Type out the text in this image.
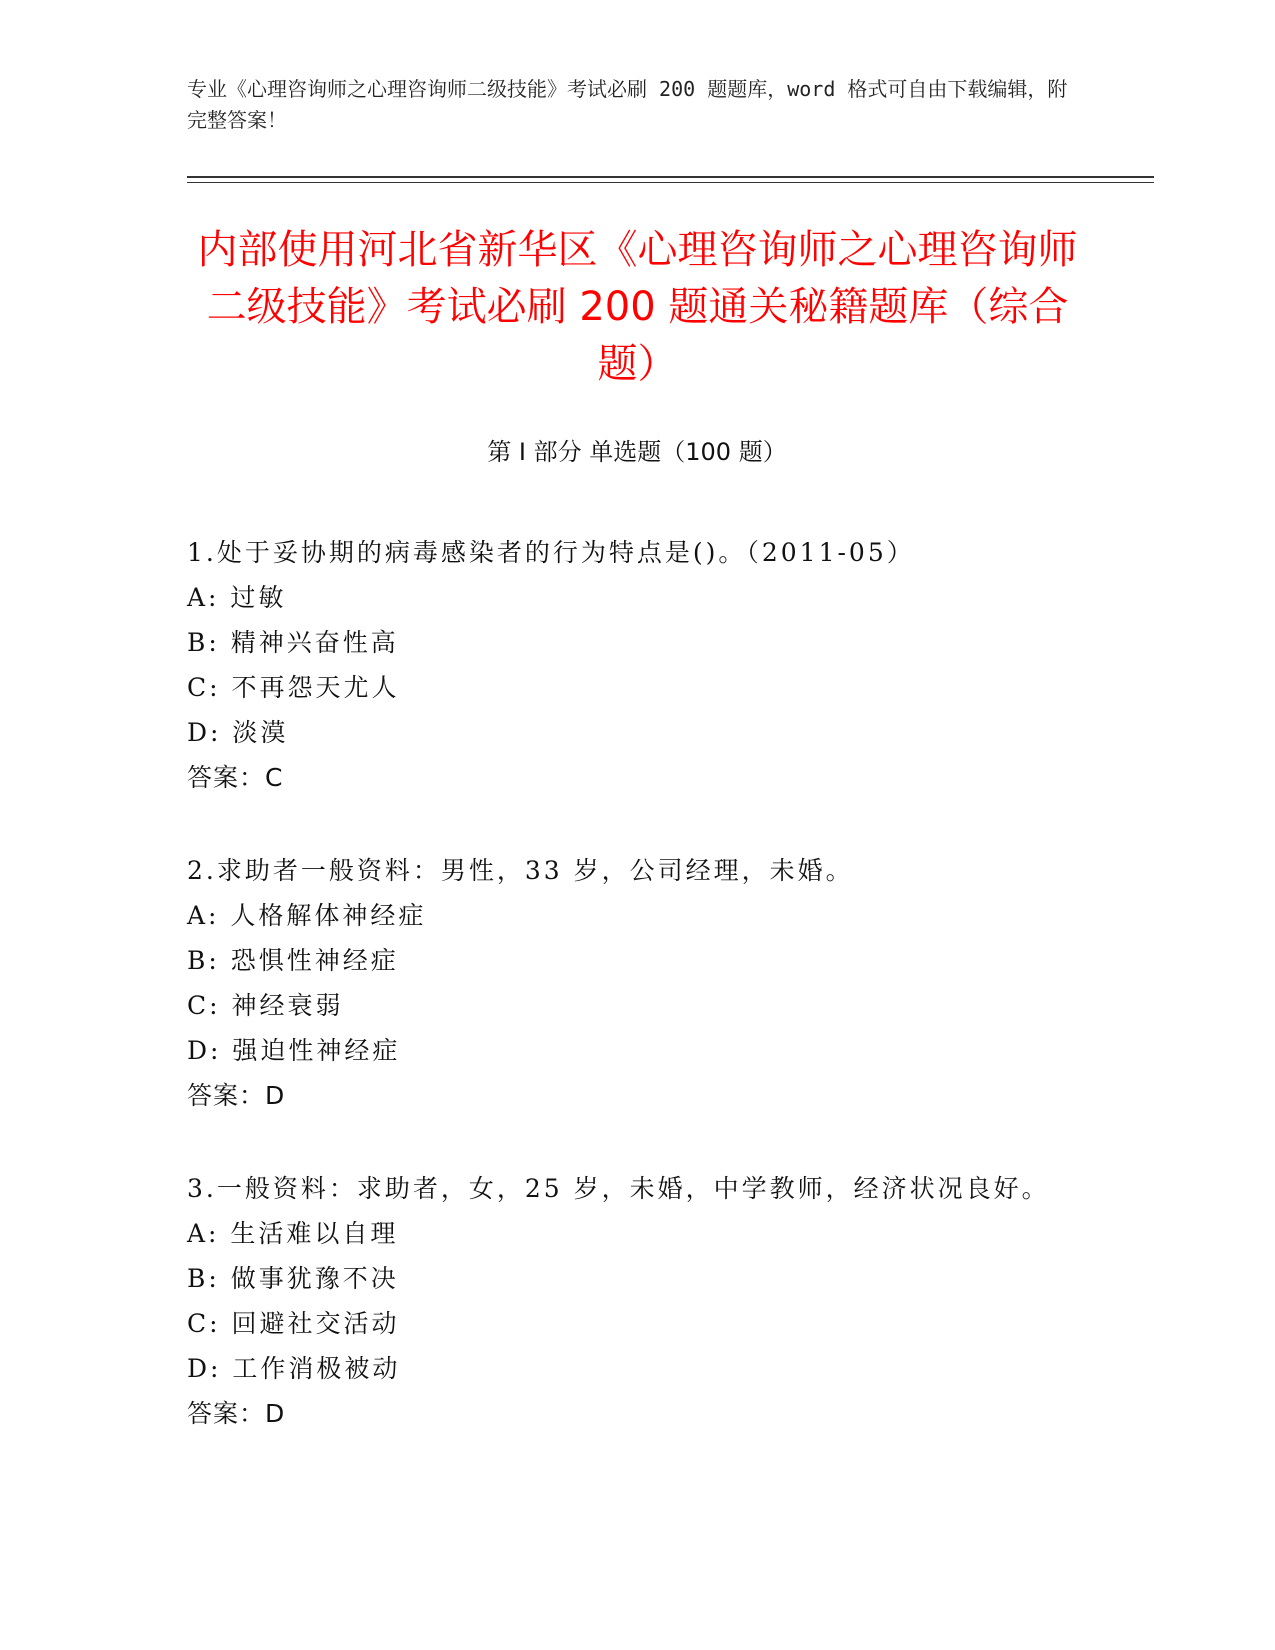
专业《心理咨询师之心理咨询师二级技能》考试必刷 200 题题库，word 格式可自由下载编辑，附完整答案！
内部使用河北省新华区《心理咨询师之心理咨询师二级技能》考试必刷 200 题通关秘籍题库（综合题）
第 I 部分 单选题（100 题）
1.处于妥协期的病毒感染者的行为特点是()。（2011-05）
A: 过敏
B: 精神兴奋性高
C: 不再怨天尤人
D: 淡漠
答案：C
2.求助者一般资料：男性，33 岁，公司经理，未婚。
A: 人格解体神经症
B: 恐惧性神经症
C: 神经衰弱
D: 强迫性神经症
答案：D
3.一般资料：求助者，女，25 岁，未婚，中学教师，经济状况良好。
A: 生活难以自理
B: 做事犹豫不决
C: 回避社交活动
D: 工作消极被动
答案：D
